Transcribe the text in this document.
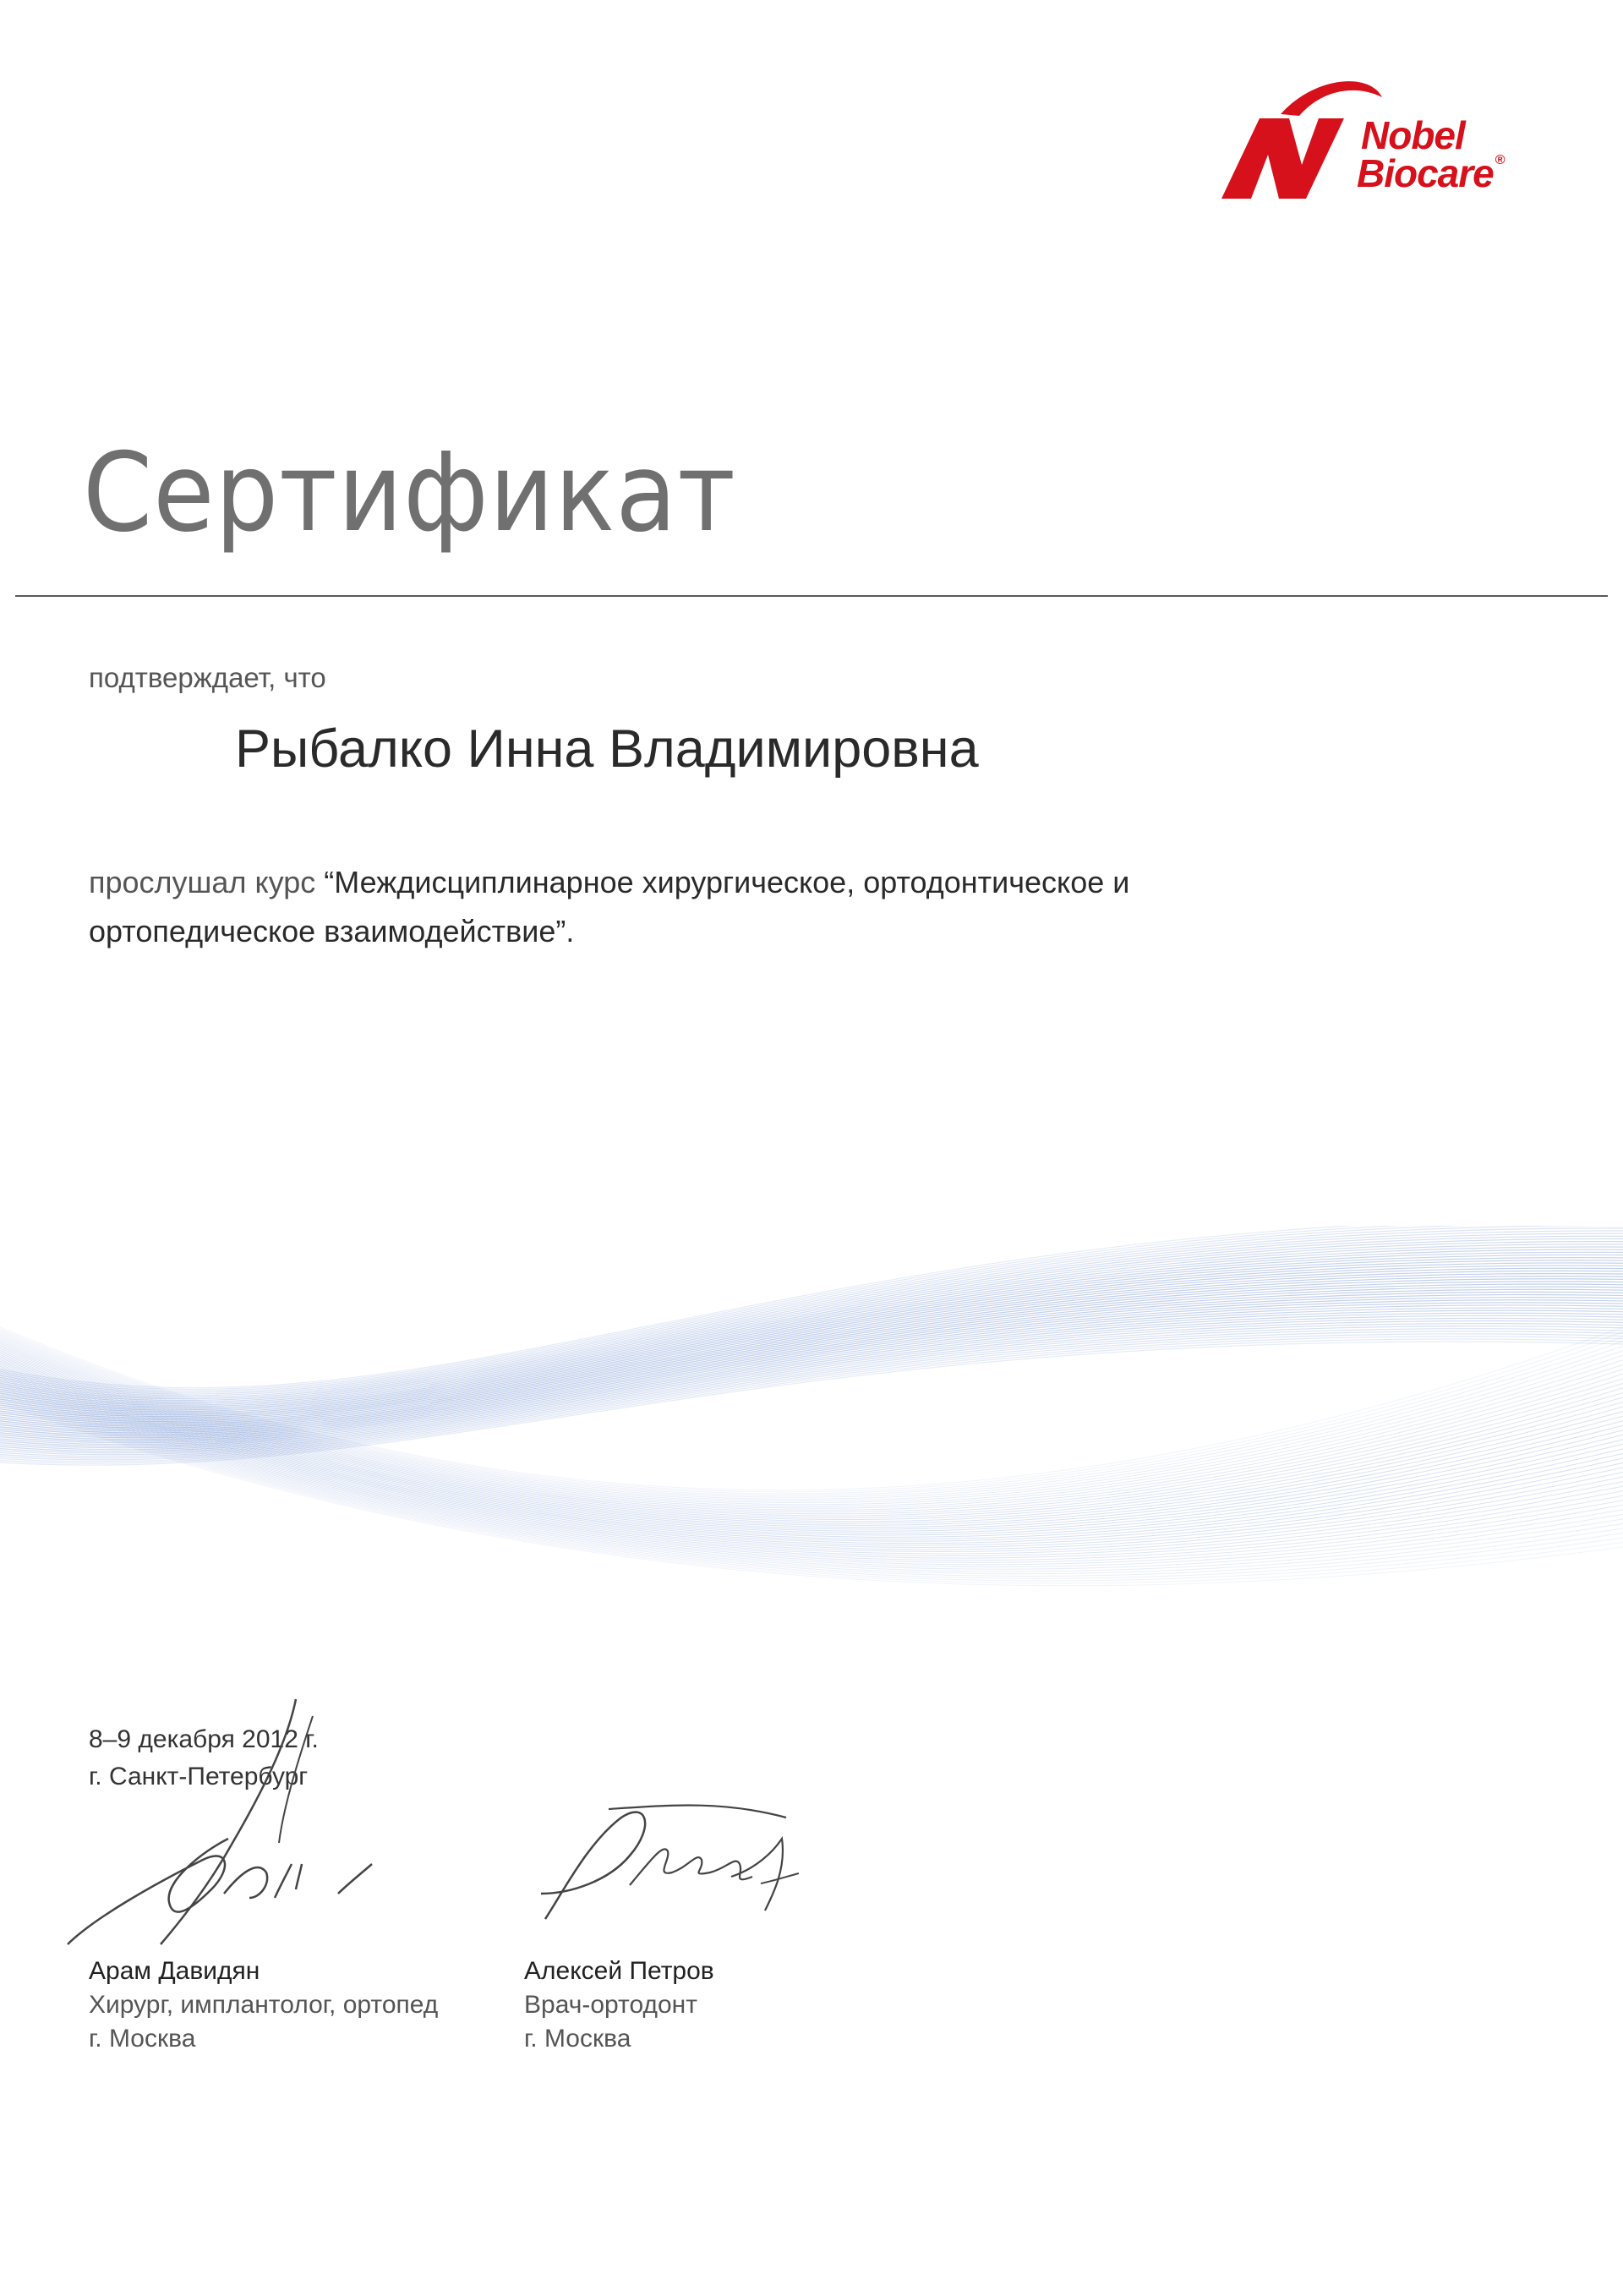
Nobel
Biocare ®
Сертификат
подтверждает, что
Рыбалко Инна Владимировна
прослушал курс “Междисциплинарное хирургическое, ортодонтическое и ортопедическое взаимодействие”.
8–9 декабря 2012 г.
г. Санкт-Петербург
Арам Давидян
Хирург, имплантолог, ортопед
г. Москва
Алексей Петров
Врач-ортодонт
г. Москва
